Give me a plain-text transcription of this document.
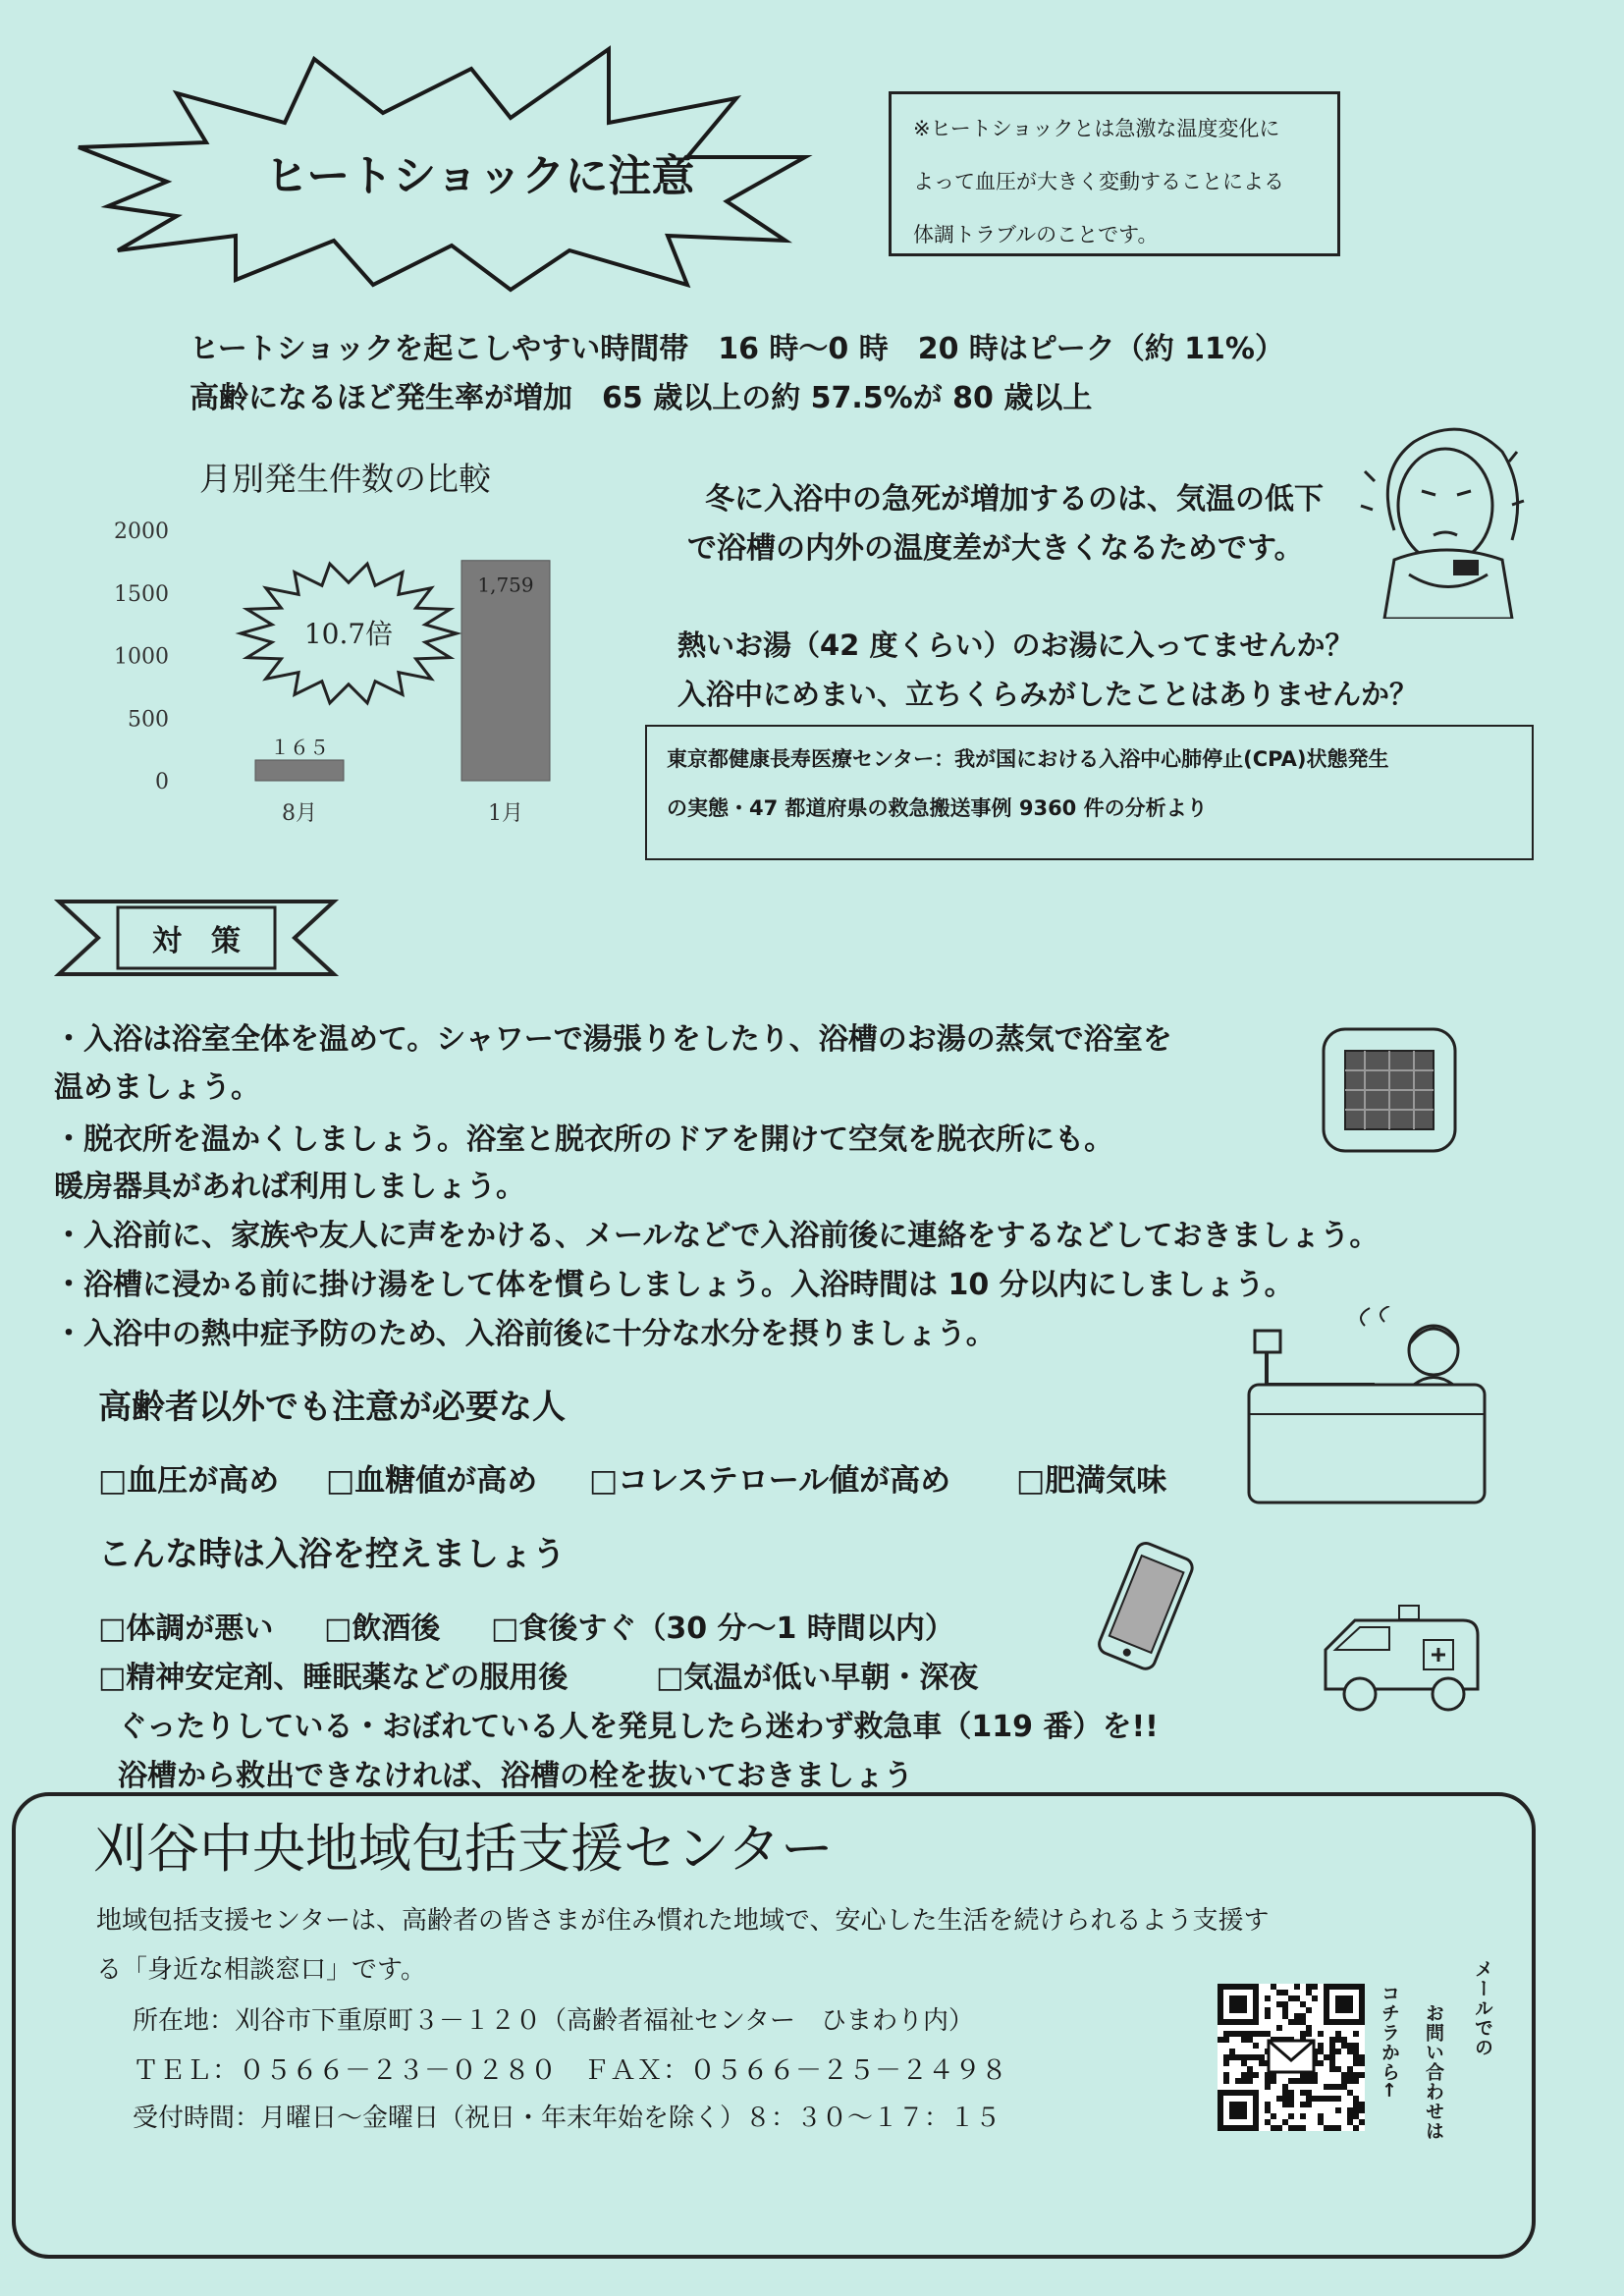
ヒートショックに注意
※ヒートショックとは急激な温度変化に
よって血圧が大きく変動することによる
体調トラブルのことです。
ヒートショックを起こしやすい時間帯　16 時～0 時　20 時はピーク（約 11%）
高齢になるほど発生率が増加　65 歳以上の約 57.5%が 80 歳以上
月別発生件数の比較
2000
1500
1000
500
0
10.7倍
１６５
8月
1,759
1月
冬に入浴中の急死が増加するのは、気温の低下
で浴槽の内外の温度差が大きくなるためです。
熱いお湯（42 度くらい）のお湯に入ってませんか？
入浴中にめまい、立ちくらみがしたことはありませんか？
東京都健康長寿医療センター：我が国における入浴中心肺停止(CPA)状態発生
の実態・47 都道府県の救急搬送事例 9360 件の分析より
対　策
・入浴は浴室全体を温めて。シャワーで湯張りをしたり、浴槽のお湯の蒸気で浴室を
温めましょう。
・脱衣所を温かくしましょう。浴室と脱衣所のドアを開けて空気を脱衣所にも。
暖房器具があれば利用しましょう。
・入浴前に、家族や友人に声をかける、メールなどで入浴前後に連絡をするなどしておきましょう。
・浴槽に浸かる前に掛け湯をして体を慣らしましょう。入浴時間は 10 分以内にしましょう。
・入浴中の熱中症予防のため、入浴前後に十分な水分を摂りましょう。
高齢者以外でも注意が必要な人
□血圧が高め □血糖値が高め □コレステロール値が高め □肥満気味
こんな時は入浴を控えましょう
□体調が悪い □飲酒後 □食後すぐ（30 分～1 時間以内）
□精神安定剤、睡眠薬などの服用後	□気温が低い早朝・深夜
ぐったりしている・おぼれている人を発見したら迷わず救急車（119 番）を!!
浴槽から救出できなければ、浴槽の栓を抜いておきましょう
刈谷中央地域包括支援センター
地域包括支援センターは、高齢者の皆さまが住み慣れた地域で、安心した生活を続けられるよう支援す
る「身近な相談窓口」です。
所在地：刈谷市下重原町３－１２０（高齢者福祉センター　ひまわり内）
ＴＥＬ：０５６６－２３－０２８０　ＦＡＸ：０５６６－２５－２４９８
受付時間：月曜日～金曜日（祝日・年末年始を除く）８：３０～１７：１５
メールでの
お問い合わせは
コチラから←
